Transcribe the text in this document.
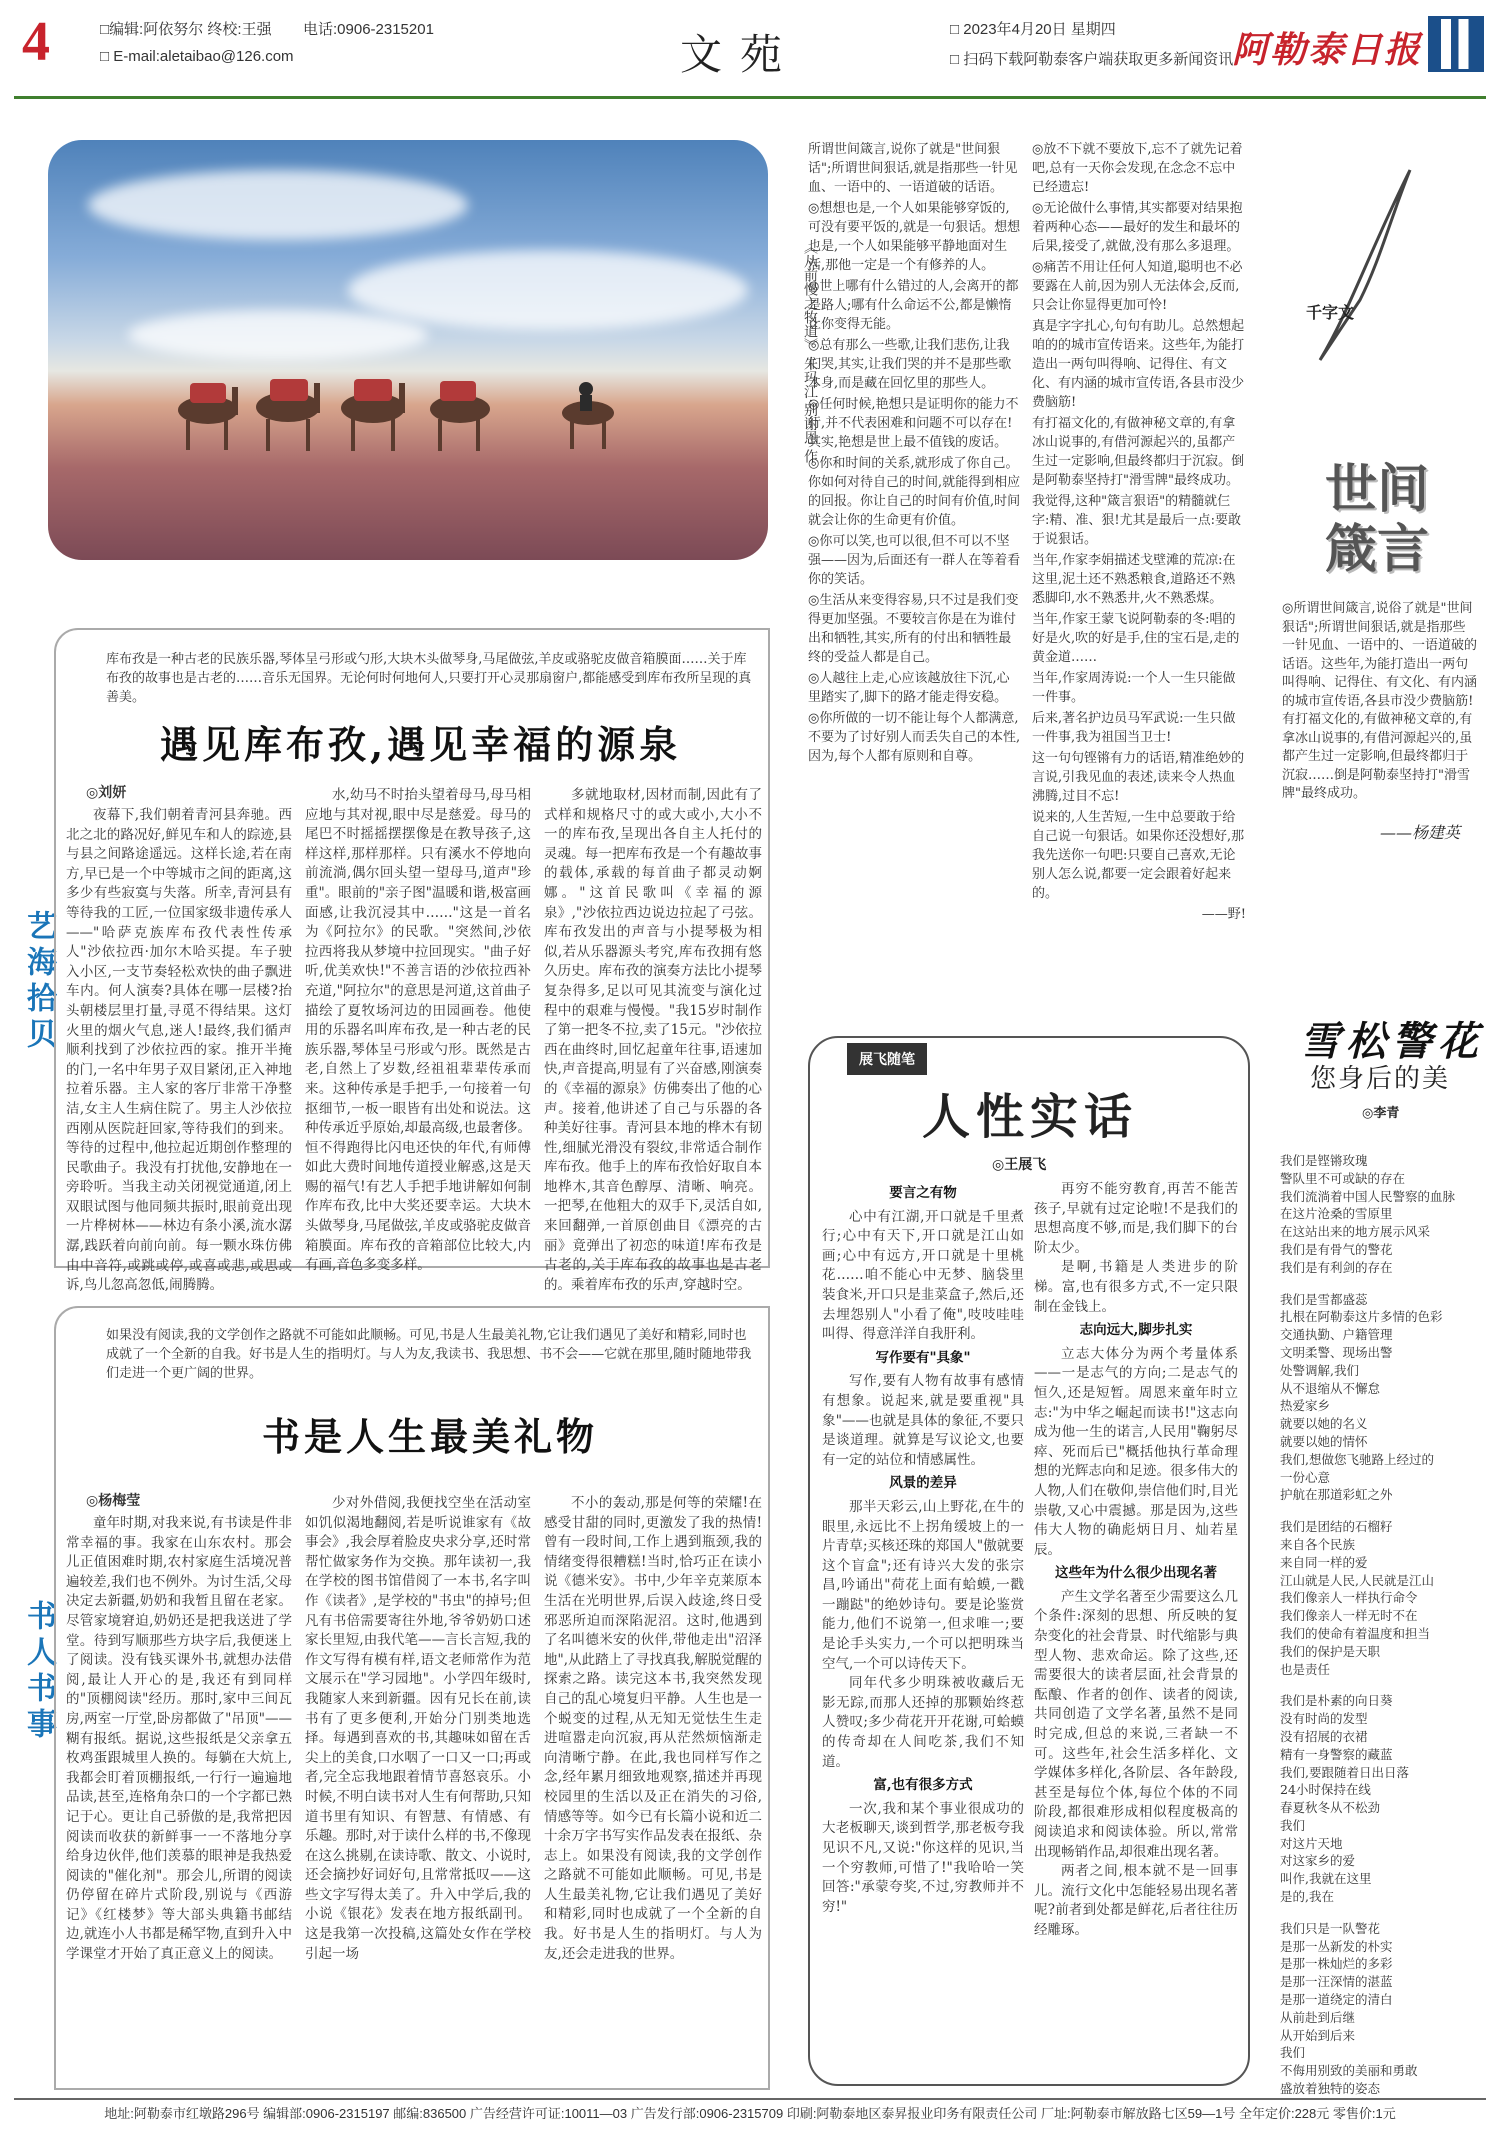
4	□编辑:阿依努尔 终校:王强 电话:0906-2315201
□ E-mail:aletaibao@126.com	文苑
□ 2023年4月20日 星期四
□ 扫码下载阿勒泰客户端获取更多新闻资讯
阿勒泰日报
《从前慢之牧道》 朱玛江·别谢恩 作
艺海拾贝
书人书事
库布孜是一种古老的民族乐器,琴体呈弓形或勺形,大块木头做琴身,马尾做弦,羊皮或骆驼皮做音箱膜面……关于库布孜的故事也是古老的……音乐无国界。无论何时何地何人,只要打开心灵那扇窗户,都能感受到库布孜所呈现的真善美。
遇见库布孜,遇见幸福的源泉
◎刘妍

夜幕下,我们朝着青河县奔驰。西北之北的路况好,鲜见车和人的踪迹,县与县之间路途遥远。这样长途,若在南方,早已是一个中等城市之间的距离,这多少有些寂寞与失落。所幸,青河县有等待我的工匠,一位国家级非遗传承人——"哈萨克族库布孜代表性传承人"沙依拉西·加尔木哈买提。车子驶入小区,一支节奏轻松欢快的曲子飘进车内。何人演奏?具体在哪一层楼?抬头朝楼层里打量,寻觅不得结果。这灯火里的烟火气息,迷人!最终,我们循声顺利找到了沙依拉西的家。推开半掩的门,一名中年男子双目紧闭,正入神地拉着乐器。主人家的客厅非常干净整洁,女主人生病住院了。男主人沙依拉西刚从医院赶回家,等待我们的到来。等待的过程中,他拉起近期创作整理的民歌曲子。我没有打扰他,安静地在一旁聆听。当我主动关闭视觉通道,闭上双眼试图与他同频共振时,眼前竟出现一片桦树林——林边有条小溪,流水潺潺,践跃着向前向前。每一颗水珠仿佛由中音符,或跳或停,或喜或悲,或思或诉,鸟儿忽高忽低,闹腾腾。

水,幼马不时抬头望着母马,母马相应地与其对视,眼中尽是慈爱。母马的尾巴不时摇摇摆摆像是在教导孩子,这样这样,那样那样。只有溪水不停地向前流淌,偶尔回头望一望母马,道声"珍重"。眼前的"亲子图"温暖和谐,极富画面感,让我沉浸其中……"这是一首名为《阿拉尔》的民歌。"突然间,沙依拉西将我从梦境中拉回现实。"曲子好听,优美欢快!"不善言语的沙依拉西补充道,"阿拉尔"的意思是河道,这首曲子描绘了夏牧场河边的田园画卷。他使用的乐器名叫库布孜,是一种古老的民族乐器,琴体呈弓形或勺形。既然是古老,自然上了岁数,经祖祖辈辈传承而来。这种传承是手把手,一句接着一句抠细节,一板一眼皆有出处和说法。这种传承近乎原始,却最高级,也最奢侈。恒不得跑得比闪电还快的年代,有师傅如此大费时间地传道授业解惑,这是天赐的福气!有艺人手把手地讲解如何制作库布孜,比中大奖还要幸运。大块木头做琴身,马尾做弦,羊皮或骆驼皮做音箱膜面。库布孜的音箱部位比较大,内有画,音色多变多样。

多就地取材,因材而制,因此有了式样和规格尺寸的或大或小,大小不一的库布孜,呈现出各自主人托付的灵魂。每一把库布孜是一个有趣故事的载体,承载的每首曲子都灵动婀娜。"这首民歌叫《幸福的源泉》,"沙依拉西边说边拉起了弓弦。库布孜发出的声音与小提琴极为相似,若从乐器源头考究,库布孜拥有悠久历史。库布孜的演奏方法比小提琴复杂得多,足以可见其流变与演化过程中的艰难与慢慢。"我15岁时制作了第一把冬不拉,卖了15元。"沙依拉西在曲终时,回忆起童年往事,语速加快,声音提高,明显有了兴奋感,刚演奏的《幸福的源泉》仿佛奏出了他的心声。接着,他讲述了自己与乐器的各种美好往事。青河县本地的桦木有韧性,细腻光滑没有裂纹,非常适合制作库布孜。他手上的库布孜恰好取自本地桦木,其音色醇厚、清晰、响亮。一把琴,在他粗大的双手下,灵活自如,来回翻弹,一首原创曲目《漂亮的古丽》竟弹出了初恋的味道!库布孜是古老的,关于库布孜的故事也是古老的。乘着库布孜的乐声,穿越时空。

如果没有阅读,我的文学创作之路就不可能如此顺畅。可见,书是人生最美礼物,它让我们遇见了美好和精彩,同时也成就了一个全新的自我。好书是人生的指明灯。与人为友,我读书、我思想、书不会——它就在那里,随时随地带我们走进一个更广阔的世界。
书是人生最美礼物
◎杨梅莹

童年时期,对我来说,有书读是件非常幸福的事。我家在山东农村。那会儿正值困难时期,农村家庭生活境况普遍较差,我们也不例外。为讨生活,父母决定去新疆,奶奶和我暂且留在老家。尽管家境窘迫,奶奶还是把我送进了学堂。待到写顺那些方块字后,我便迷上了阅读。没有钱买课外书,就想办法借阅,最让人开心的是,我还有到同样的"顶棚阅读"经历。那时,家中三间瓦房,两室一厅堂,卧房都做了"吊顶"——糊有报纸。据说,这些报纸是父亲拿五枚鸡蛋跟城里人换的。每躺在大炕上,我都会盯着顶棚报纸,一行行一遍遍地品读,甚至,连格角杂口的一个字都已熟记于心。更让自己骄傲的是,我常把因阅读而收获的新鲜事一一不落地分享给身边伙伴,他们羡慕的眼神是我热爱阅读的"催化剂"。那会儿,所谓的阅读仍停留在碎片式阶段,别说与《西游记》《红楼梦》等大部头典籍书邮结边,就连小人书都是稀罕物,直到升入中学课堂才开始了真正意义上的阅读。

少对外借阅,我便找空坐在活动室如饥似渴地翻阅,若是听说谁家有《故事会》,我会厚着脸皮央求分享,还时常帮忙做家务作为交换。那年读初一,我在学校的图书馆借阅了一本书,名字叫作《读者》,是学校的"书虫"的掉号;但凡有书倍需要寄往外地,爷爷奶奶口述家长里短,由我代笔——言长言短,我的作文写得有模有样,语文老师常作为范文展示在"学习园地"。小学四年级时,我随家人来到新疆。因有兄长在前,读书有了更多便利,开始分门别类地选择。每遇到喜欢的书,其趣味如留在舌尖上的美食,口水咽了一口又一口;再或者,完全忘我地跟着情节喜怒哀乐。小时候,不明白读书对人生有何帮助,只知道书里有知识、有智慧、有情感、有乐趣。那时,对于读什么样的书,不像现在这么挑剔,在读诗歌、散文、小说时,还会摘抄好词好句,且常常抵叹——这些文字写得太美了。升入中学后,我的小说《银花》发表在地方报纸副刊。这是我第一次投稿,这篇处女作在学校引起一场

不小的轰动,那是何等的荣耀!在感受甘甜的同时,更激发了我的热情!曾有一段时间,工作上遇到瓶颈,我的情绪变得很糟糕!当时,恰巧正在读小说《德米安》。书中,少年辛克莱原本生活在光明世界,后误入歧途,终日受邪恶所迫而深陷泥沼。这时,他遇到了名叫德米安的伙伴,带他走出"沼泽地",从此踏上了寻找真我,解脱觉醒的探索之路。读完这本书,我突然发现自己的乱心境复归平静。人生也是一个蜕变的过程,从无知无觉怯生生走进喧嚣走向沉寂,再从茫然烦恼渐走向清晰宁静。在此,我也同样写作之念,经年累月细致地观察,描述并再现校园里的生活以及正在消失的习俗,情感等等。如今已有长篇小说和近二十余万字书写实作品发表在报纸、杂志上。如果没有阅读,我的文学创作之路就不可能如此顺畅。可见,书是人生最美礼物,它让我们遇见了美好和精彩,同时也成就了一个全新的自我。好书是人生的指明灯。与人为友,还会走进我的世界。

所谓世间箴言,说你了就是"世间狠话";所谓世间狠话,就是指那些一针见血、一语中的、一语道破的话语。

◎想想也是,一个人如果能够穿饭的,可没有要平饭的,就是一句狠话。想想也是,一个人如果能够平静地面对生活,那他一定是一个有修养的人。

◎世上哪有什么错过的人,会离开的都是路人;哪有什么命运不公,都是懒惰让你变得无能。

◎总有那么一些歌,让我们悲伤,让我们哭,其实,让我们哭的并不是那些歌本身,而是藏在回忆里的那些人。

◎任何时候,艳想只是证明你的能力不行,并不代表困难和问题不可以存在!其实,艳想是世上最不值钱的废话。

◎你和时间的关系,就形成了你自己。你如何对待自己的时间,就能得到相应的回报。你让自己的时间有价值,时间就会让你的生命更有价值。

◎你可以笑,也可以很,但不可以不坚强——因为,后面还有一群人在等着看你的笑话。

◎生活从来变得容易,只不过是我们变得更加坚强。不要较言你是在为谁付出和牺牲,其实,所有的付出和牺牲最终的受益人都是自己。

◎人越往上走,心应该越放往下沉,心里踏实了,脚下的路才能走得安稳。

◎你所做的一切不能让每个人都满意,不要为了讨好别人而丢失自己的本性,因为,每个人都有原则和自尊。

◎放不下就不要放下,忘不了就先记着吧,总有一天你会发现,在念念不忘中已经遗忘!

◎无论做什么事情,其实都要对结果抱着两种心态——最好的发生和最坏的后果,接受了,就做,没有那么多退理。

◎痛苦不用让任何人知道,聪明也不必要露在人前,因为别人无法体会,反而,只会让你显得更加可怜!

真是字字扎心,句句有助儿。总然想起咱的的城市宣传语来。这些年,为能打造出一两句叫得响、记得住、有文化、有内涵的城市宣传语,各县市没少费脑筋!

有打福文化的,有做神秘文章的,有拿冰山说事的,有借河源起兴的,虽都产生过一定影响,但最终都归于沉寂。倒是阿勒泰坚持打"滑雪牌"最终成功。

我觉得,这种"箴言狠语"的精髓就仨字:精、准、狠!尤其是最后一点:要敢于说狠话。

当年,作家李娟描述戈壁滩的荒凉:在这里,泥土还不熟悉粮食,道路还不熟悉脚印,水不熟悉井,火不熟悉煤。

当年,作家王蒙飞说阿勒泰的冬:唱的好是火,吹的好是手,住的宝石是,走的黄金道……

当年,作家周涛说:一个人一生只能做一件事。

后来,著名护边员马军武说:一生只做一件事,我为祖国当卫士!

这一句句铿锵有力的话语,精准绝妙的言说,引我见血的表述,读来令人热血沸腾,过目不忘!

说来的,人生苦短,一生中总要敢于给自己说一句狠话。如果你还没想好,那我先送你一句吧:只要自己喜欢,无论别人怎么说,都要一定会跟着好起来的。

——野!

千字文
世间箴言
◎所谓世间箴言,说俗了就是"世间狠话";所谓世间狠话,就是指那些一针见血、一语中的、一语道破的话语。这些年,为能打造出一两句叫得响、记得住、有文化、有内涵的城市宣传语,各县市没少费脑筋!有打福文化的,有做神秘文章的,有拿冰山说事的,有借河源起兴的,虽都产生过一定影响,但最终都归于沉寂……倒是阿勒泰坚持打"滑雪牌"最终成功。
——杨建英
展飞随笔
人性实话
◎王展飞

要言之有物

心中有江湖,开口就是千里煮行;心中有天下,开口就是江山如画;心中有远方,开口就是十里桃花……咱不能心中无梦、脑袋里装食米,开口只是韭菜盒子,然后,还去埋怨别人"小看了俺",吱吱哇哇叫得、得意洋洋自我肝利。

写作要有"具象"

写作,要有人物有故事有感情有想象。说起来,就是要重视"具象"——也就是具体的象征,不要只是谈道理。就算是写议论文,也要有一定的站位和情感属性。

风景的差异

那半天彩云,山上野花,在牛的眼里,永远比不上拐角缓坡上的一片青草;买核还珠的郑国人"傲就要这个盲盒";还有诗兴大发的张宗昌,吟诵出"荷花上面有蛤蟆,一戳一蹦跶"的绝妙诗句。要是论鉴赏能力,他们不说第一,但求唯一;要是论手头实力,一个可以把明珠当空气,一个可以诗传天下。

同年代多少明珠被收藏后无影无踪,而那人还掉的那颗始终惹人赞叹;多少荷花开开花谢,可蛤蟆的传奇却在人间吃茶,我们不知道。

富,也有很多方式

一次,我和某个事业很成功的大老板聊天,谈到哲学,那老板夸我见识不凡,又说:"你这样的见识,当一个穷教师,可惜了!"我哈哈一笑回答:"承蒙夸奖,不过,穷教师并不穷!"

再穷不能穷教育,再苦不能苦孩子,早就有过定论啦!不是我们的思想高度不够,而是,我们脚下的台阶太少。

是啊,书籍是人类进步的阶梯。富,也有很多方式,不一定只限制在金钱上。

志向远大,脚步扎实

立志大体分为两个考量体系——一是志气的方向;二是志气的恒久,还是短暂。周恩来童年时立志:"为中华之崛起而读书!"这志向成为他一生的诺言,人民用"鞠躬尽瘁、死而后已"概括他执行革命理想的光辉志向和足迹。很多伟大的人物,人们在敬仰,崇信他们时,目光崇敬,又心中震撼。那是因为,这些伟大人物的确彪炳日月、灿若星辰。

这些年为什么很少出现名著

产生文学名著至少需要这么几个条件:深刻的思想、所反映的复杂变化的社会背景、时代缩影与典型人物、悲欢命运。除了这些,还需要很大的读者层面,社会背景的酝酿、作者的创作、读者的阅读,共同创造了文学名著,虽然不是同时完成,但总的来说,三者缺一不可。这些年,社会生活多样化、文学媒体多样化,各阶层、各年龄段,甚至是每位个体,每位个体的不同阶段,都很难形成相似程度极高的阅读追求和阅读体验。所以,常常出现畅销作品,却很难出现名著。

两者之间,根本就不是一回事儿。流行文化中怎能轻易出现名著呢?前者到处都是鲜花,后者往往历经雕琢。

雪松警花
您身后的美
◎李青
我们是铿锵玫瑰
警队里不可或缺的存在
我们流淌着中国人民警察的血脉
在这片沧桑的雪原里
在这站出来的地方展示风采
我们是有骨气的警花
我们是有利剑的存在
我们是雪都盛蕊
扎根在阿勒泰这片多情的色彩
交通执勤、户籍管理
文明柔警、现场出警
处警调解,我们
从不退缩从不懈怠
热爱家乡
就要以她的名义
就要以她的情怀
我们,想做您飞驰路上经过的
一份心意
护航在那道彩虹之外
我们是团结的石榴籽
来自各个民族
来自同一样的爱
江山就是人民,人民就是江山
我们像亲人一样执行命令
我们像亲人一样无时不在
我们的使命有着温度和担当
我们的保护是天职
也是责任
我们是朴素的向日葵
没有时尚的发型
没有招展的衣裙
精有一身警察的藏蓝
我们,要跟随着日出日落
24小时保持在线
春夏秋冬从不松劲
我们
对这片天地
对这家乡的爱
叫作,我就在这里
是的,我在
我们只是一队警花
是那一丛新发的朴实
是那一株灿烂的多彩
是那一汪深情的湛蓝
是那一道绕定的清白
从前赴到后继
从开始到后来
我们
不侮用别致的美丽和勇敢
盛放着独特的姿态
地址:阿勒泰市红墩路296号 编辑部:0906-2315197 邮编:836500 广告经营许可证:10011—03 广告发行部:0906-2315709 印刷:阿勒泰地区泰昇报业印务有限责任公司 厂址:阿勒泰市解放路七区59—1号 全年定价:228元 零售价:1元
